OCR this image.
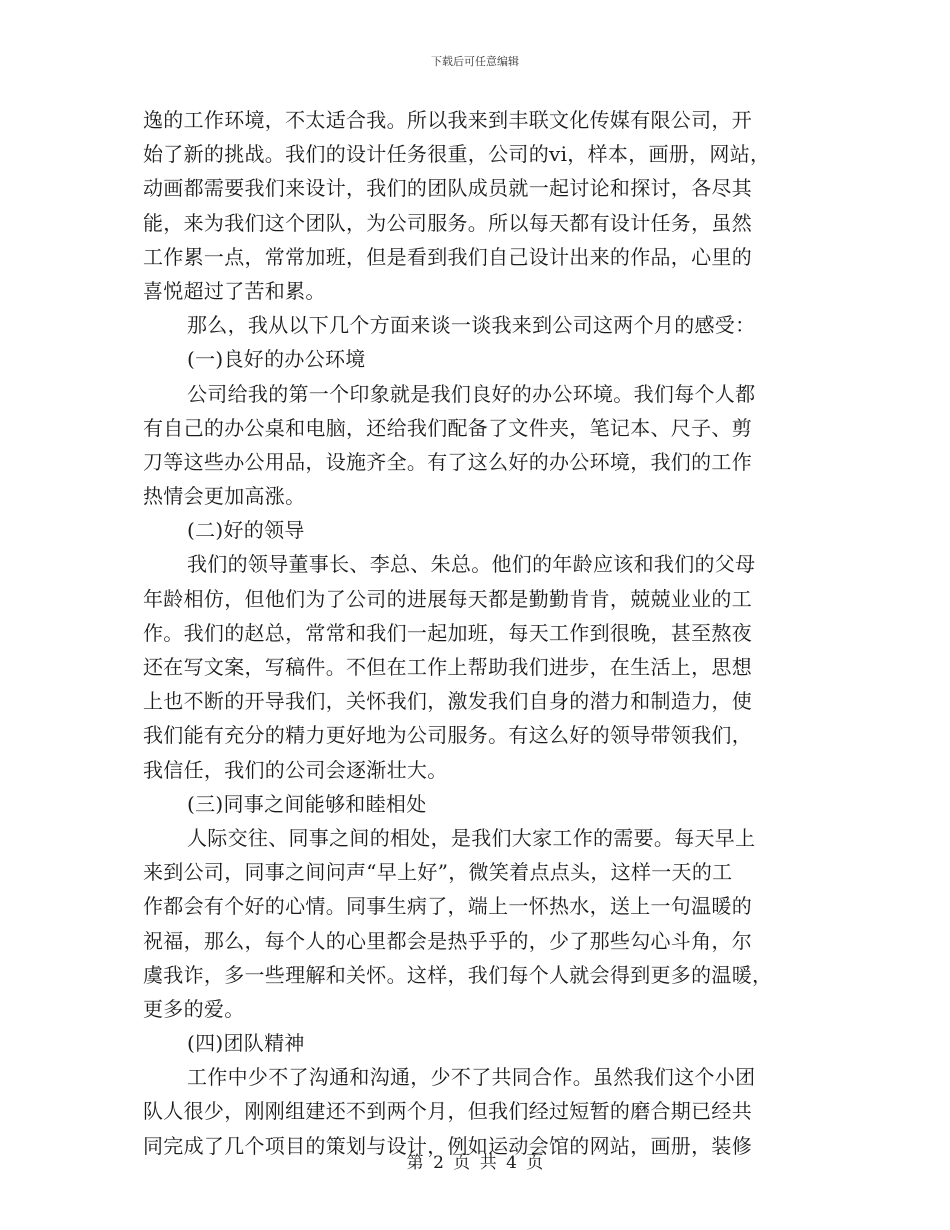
下载后可任意编辑
逸的工作环境，不太适合我。所以我来到丰联文化传媒有限公司，开
始了新的挑战。我们的设计任务很重，公司的vi，样本，画册，网站，
动画都需要我们来设计，我们的团队成员就一起讨论和探讨，各尽其
能，来为我们这个团队，为公司服务。所以每天都有设计任务，虽然
工作累一点，常常加班，但是看到我们自己设计出来的作品，心里的
喜悦超过了苦和累。
那么，我从以下几个方面来谈一谈我来到公司这两个月的感受：
(一)良好的办公环境
公司给我的第一个印象就是我们良好的办公环境。我们每个人都
有自己的办公桌和电脑，还给我们配备了文件夹，笔记本、尺子、剪
刀等这些办公用品，设施齐全。有了这么好的办公环境，我们的工作
热情会更加高涨。
(二)好的领导
我们的领导董事长、李总、朱总。他们的年龄应该和我们的父母
年龄相仿，但他们为了公司的进展每天都是勤勤肯肯，兢兢业业的工
作。我们的赵总，常常和我们一起加班，每天工作到很晚，甚至熬夜
还在写文案，写稿件。不但在工作上帮助我们进步，在生活上，思想
上也不断的开导我们，关怀我们，激发我们自身的潜力和制造力，使
我们能有充分的精力更好地为公司服务。有这么好的领导带领我们，
我信任，我们的公司会逐渐壮大。
(三)同事之间能够和睦相处
人际交往、同事之间的相处，是我们大家工作的需要。每天早上
来到公司，同事之间问声“早上好”，微笑着点点头，这样一天的工
作都会有个好的心情。同事生病了，端上一怀热水，送上一句温暖的
祝福，那么，每个人的心里都会是热乎乎的，少了那些勾心斗角，尔
虞我诈，多一些理解和关怀。这样，我们每个人就会得到更多的温暖，
更多的爱。
(四)团队精神
工作中少不了沟通和沟通，少不了共同合作。虽然我们这个小团
队人很少，刚刚组建还不到两个月，但我们经过短暂的磨合期已经共
同完成了几个项目的策划与设计，例如运动会馆的网站，画册，装修
第 2 页 共 4 页
